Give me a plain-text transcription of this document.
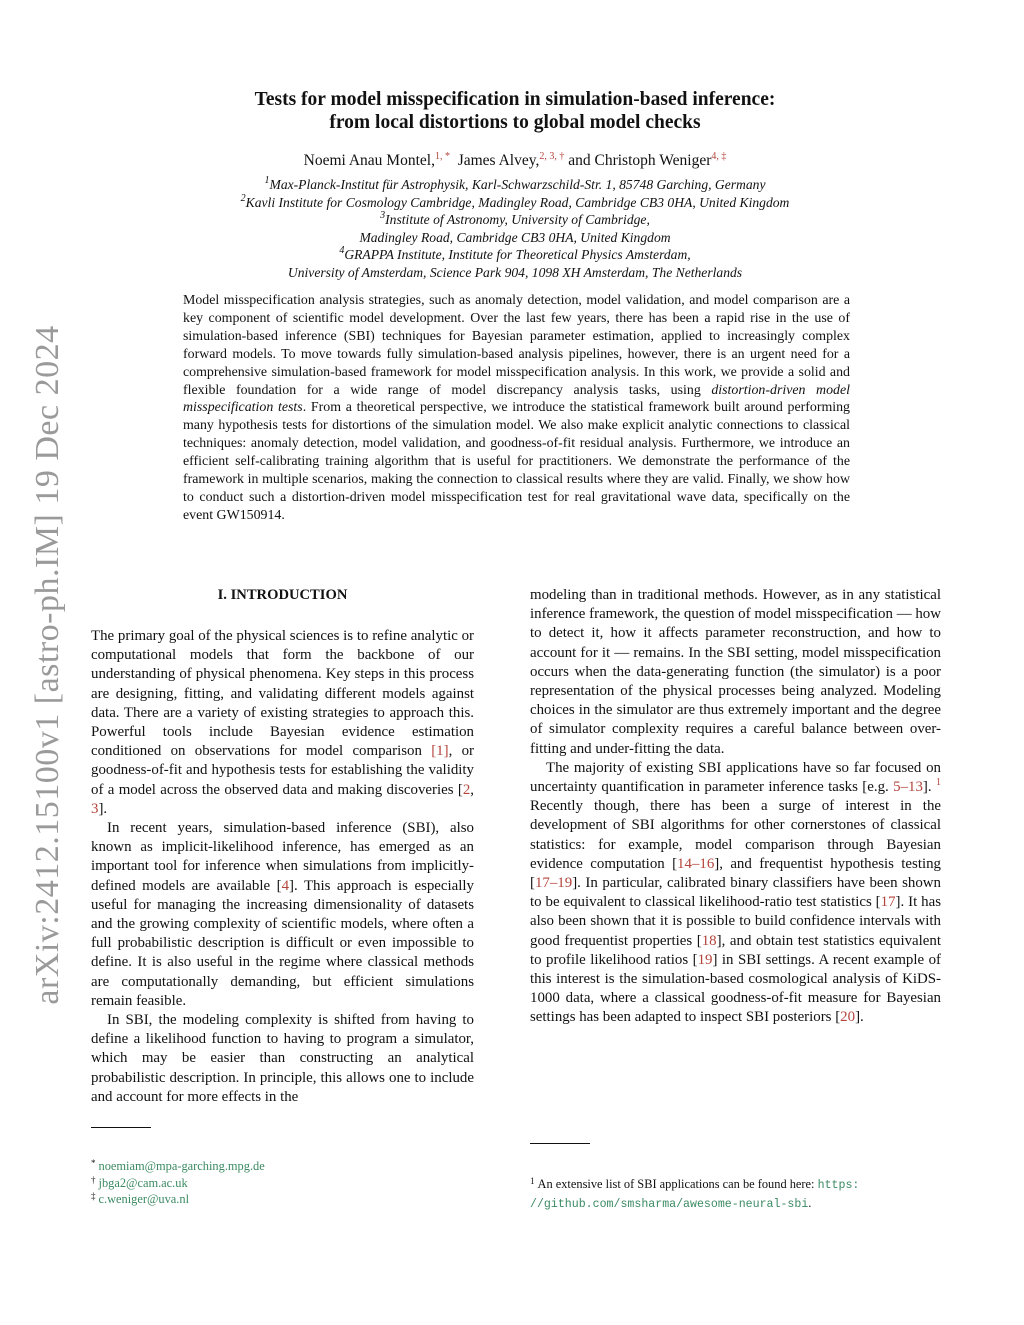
arXiv:2412.15100v1 [astro-ph.IM] 19 Dec 2024
Tests for model misspecification in simulation-based inference:
from local distortions to global model checks
Noemi Anau Montel,$^{1, *}$ James Alvey,$^{2, 3, \dagger}$ and Christoph Weniger$^{4, \ddagger}$
$^1$Max-Planck-Institut für Astrophysik, Karl-Schwarzschild-Str. 1, 85748 Garching, Germany
$^2$Kavli Institute for Cosmology Cambridge, Madingley Road, Cambridge CB3 0HA, United Kingdom
$^3$Institute of Astronomy, University of Cambridge,
Madingley Road, Cambridge CB3 0HA, United Kingdom
$^4$GRAPPA Institute, Institute for Theoretical Physics Amsterdam,
University of Amsterdam, Science Park 904, 1098 XH Amsterdam, The Netherlands

Model misspecification analysis strategies, such as anomaly detection, model validation, and model comparison are a key component of scientific model development. Over the last few years, there has been a rapid rise in the use of simulation-based inference (SBI) techniques for Bayesian parameter estimation, applied to increasingly complex forward models. To move towards fully simulation-based analysis pipelines, however, there is an urgent need for a comprehensive simulation-based framework for model misspecification analysis. In this work, we provide a solid and flexible foundation for a wide range of model discrepancy analysis tasks, using distortion-driven model misspecification tests. From a theoretical perspective, we introduce the statistical framework built around performing many hypothesis tests for distortions of the simulation model. We also make explicit analytic connections to classical techniques: anomaly detection, model validation, and goodness-of-fit residual analysis. Furthermore, we introduce an efficient self-calibrating training algorithm that is useful for practitioners. We demonstrate the performance of the framework in multiple scenarios, making the connection to classical results where they are valid. Finally, we show how to conduct such a distortion-driven model misspecification test for real gravitational wave data, specifically on the event GW150914.

I. INTRODUCTION

The primary goal of the physical sciences is to refine analytic or computational models that form the backbone of our understanding of physical phenomena. Key steps in this process are designing, fitting, and validating different models against data. There are a variety of existing strategies to approach this. Powerful tools include Bayesian evidence estimation conditioned on observations for model comparison [1], or goodness-of-fit and hypothesis tests for establishing the validity of a model across the observed data and making discoveries [2, 3].

In recent years, simulation-based inference (SBI), also known as implicit-likelihood inference, has emerged as an important tool for inference when simulations from implicitly-defined models are available [4]. This approach is especially useful for managing the increasing dimensionality of datasets and the growing complexity of scientific models, where often a full probabilistic description is difficult or even impossible to define. It is also useful in the regime where classical methods are computationally demanding, but efficient simulations remain feasible.

In SBI, the modeling complexity is shifted from having to define a likelihood function to having to program a simulator, which may be easier than constructing an analytical probabilistic description. In principle, this allows one to include and account for more effects in the

modeling than in traditional methods. However, as in any statistical inference framework, the question of model misspecification — how to detect it, how it affects parameter reconstruction, and how to account for it — remains. In the SBI setting, model misspecification occurs when the data-generating function (the simulator) is a poor representation of the physical processes being analyzed. Modeling choices in the simulator are thus extremely important and the degree of simulator complexity requires a careful balance between over-fitting and under-fitting the data.

The majority of existing SBI applications have so far focused on uncertainty quantification in parameter inference tasks [e.g. 5–13]. $^1$ Recently though, there has been a surge of interest in the development of SBI algorithms for other cornerstones of classical statistics: for example, model comparison through Bayesian evidence computation [14–16], and frequentist hypothesis testing [17–19]. In particular, calibrated binary classifiers have been shown to be equivalent to classical likelihood-ratio test statistics [17]. It has also been shown that it is possible to build confidence intervals with good frequentist properties [18], and obtain test statistics equivalent to profile likelihood ratios [19] in SBI settings. A recent example of this interest is the simulation-based cosmological analysis of KiDS-1000 data, where a classical goodness-of-fit measure for Bayesian settings has been adapted to inspect SBI posteriors [20].

* noemiam@mpa-garching.mpg.de
† jbga2@cam.ac.uk
‡ c.weniger@uva.nl
$^1$ An extensive list of SBI applications can be found here: https:
//github.com/smsharma/awesome-neural-sbi.
